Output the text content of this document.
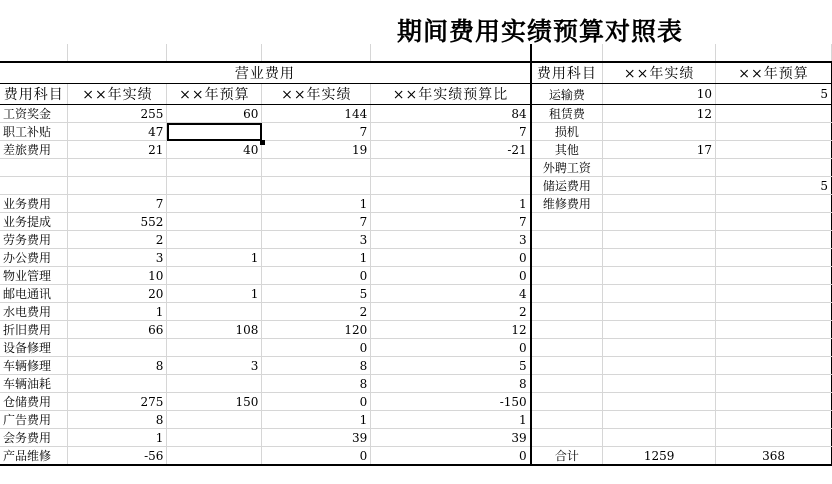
期间费用实绩预算对照表

营业费用					费用科目	××年实绩	××年预算
费用科目	××年实绩	××年预算	××年实绩	××年实绩预算比	运输费	10	5
工资奖金	255	60	144	84	租赁费	12	
职工补贴	47		7	7	损机		
差旅费用	21	40	19	-21	其他	17	
					外聘工资		
					储运费用		5
业务费用	7		1	1	维修费用		
业务提成	552		7	7			
劳务费用	2		3	3			
办公费用	3	1	1	0			
物业管理	10		0	0			
邮电通讯	20	1	5	4			
水电费用	1		2	2			
折旧费用	66	108	120	12			
设备修理			0	0			
车辆修理	8	3	8	5			
车辆油耗			8	8			
仓储费用	275	150	0	-150			
广告费用	8		1	1			
会务费用	1		39	39			
产品维修	-56		0	0	合计	1259	368
